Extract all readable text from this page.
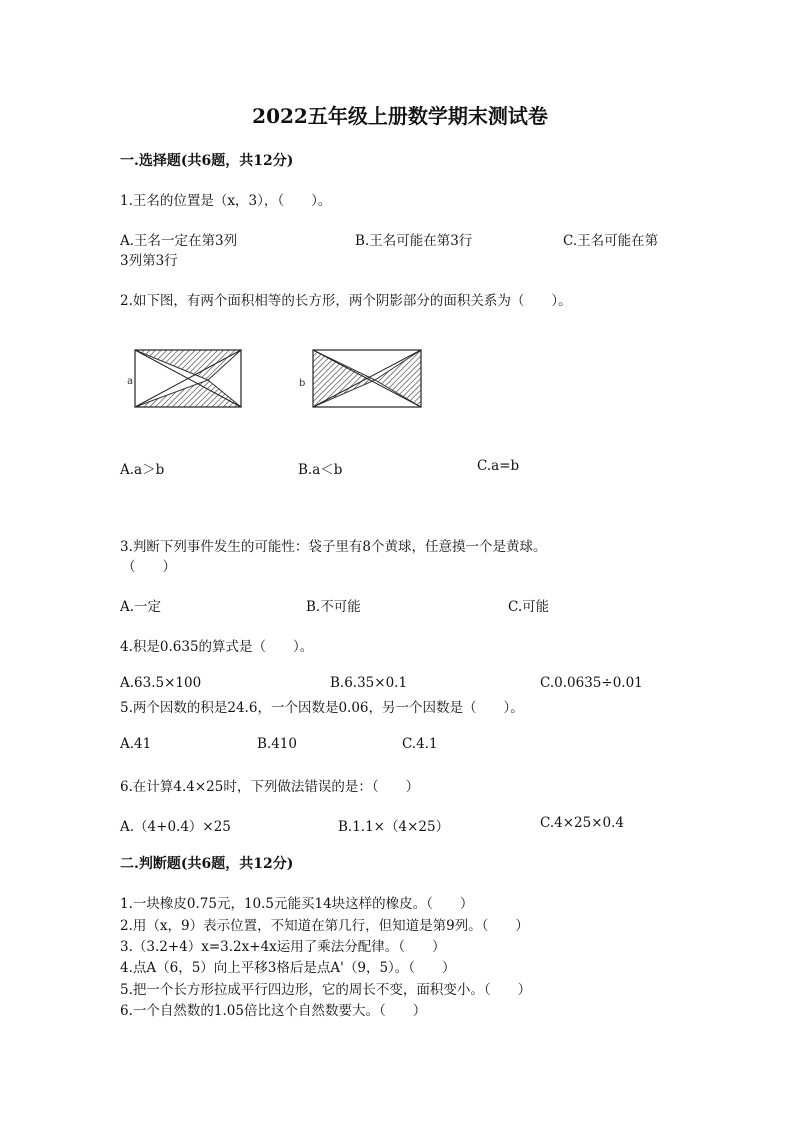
2022五年级上册数学期末测试卷
一.选择题(共6题，共12分)
1.王名的位置是（x，3），（　　）。
A.王名一定在第3列	B.王名可能在第3行	C.王名可能在第
3列第3行
2.如下图，有两个面积相等的长方形，两个阴影部分的面积关系为（　　）。
a	b
A.a＞b	B.a＜b	C.a=b
3.判断下列事件发生的可能性：袋子里有8个黄球，任意摸一个是黄球。
（　　）
A.一定	B.不可能	C.可能
4.积是0.635的算式是（　　）。
A.63.5×100	B.6.35×0.1	C.0.0635÷0.01
5.两个因数的积是24.6，一个因数是0.06，另一个因数是（　　）。
A.41	B.410	C.4.1
6.在计算4.4×25时，下列做法错误的是：（　　）
A.（4+0.4）×25	B.1.1×（4×25）	C.4×25×0.4
二.判断题(共6题，共12分)
1.一块橡皮0.75元，10.5元能买14块这样的橡皮。（　　）
2.用（x，9）表示位置，不知道在第几行，但知道是第9列。（　　）
3.（3.2+4）x=3.2x+4x运用了乘法分配律。（　　）
4.点A（6，5）向上平移3格后是点A'（9，5）。（　　）
5.把一个长方形拉成平行四边形，它的周长不变，面积变小。（　　）
6.一个自然数的1.05倍比这个自然数要大。（　　）
